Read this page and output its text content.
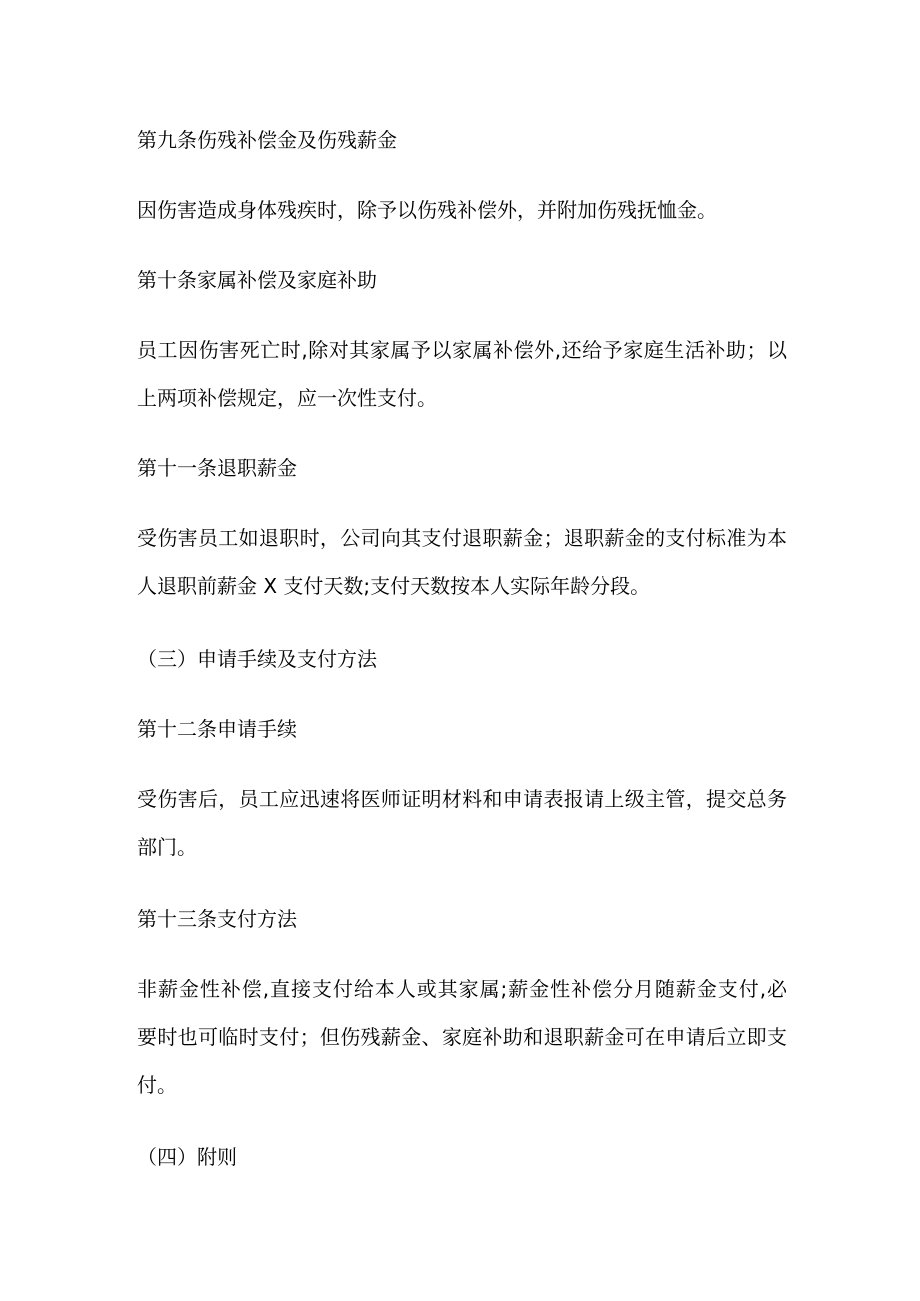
第九条伤残补偿金及伤残薪金

因伤害造成身体残疾时，除予以伤残补偿外，并附加伤残抚恤金。

第十条家属补偿及家庭补助

员工因伤害死亡时,除对其家属予以家属补偿外,还给予家庭生活补助；以
上两项补偿规定，应一次性支付。

第十一条退职薪金

受伤害员工如退职时，公司向其支付退职薪金；退职薪金的支付标准为本
人退职前薪金 X 支付天数;支付天数按本人实际年龄分段。

（三）申请手续及支付方法

第十二条申请手续

受伤害后，员工应迅速将医师证明材料和申请表报请上级主管，提交总务
部门。

第十三条支付方法

非薪金性补偿,直接支付给本人或其家属;薪金性补偿分月随薪金支付,必
要时也可临时支付；但伤残薪金、家庭补助和退职薪金可在申请后立即支
付。

（四）附则
